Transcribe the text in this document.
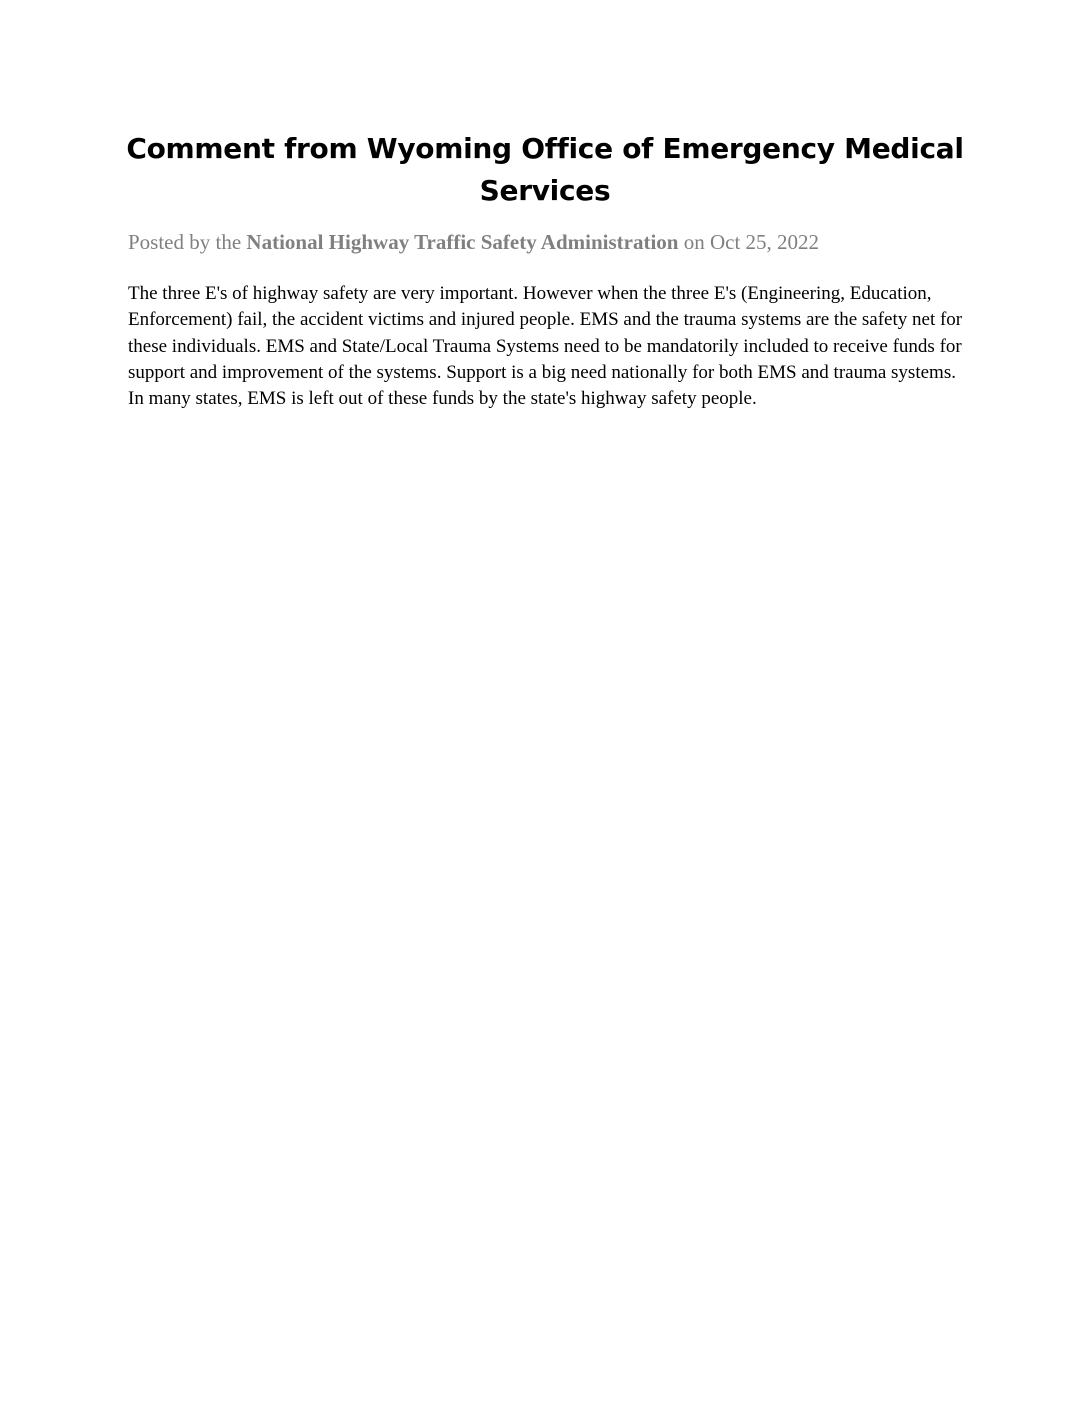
Comment from Wyoming Office of Emergency Medical Services

Posted by the National Highway Traffic Safety Administration on Oct 25, 2022

The three E's of highway safety are very important. However when the three E's (Engineering, Education, Enforcement) fail, the accident victims and injured people. EMS and the trauma systems are the safety net for these individuals. EMS and State/Local Trauma Systems need to be mandatorily included to receive funds for support and improvement of the systems. Support is a big need nationally for both EMS and trauma systems. In many states, EMS is left out of these funds by the state's highway safety people.
